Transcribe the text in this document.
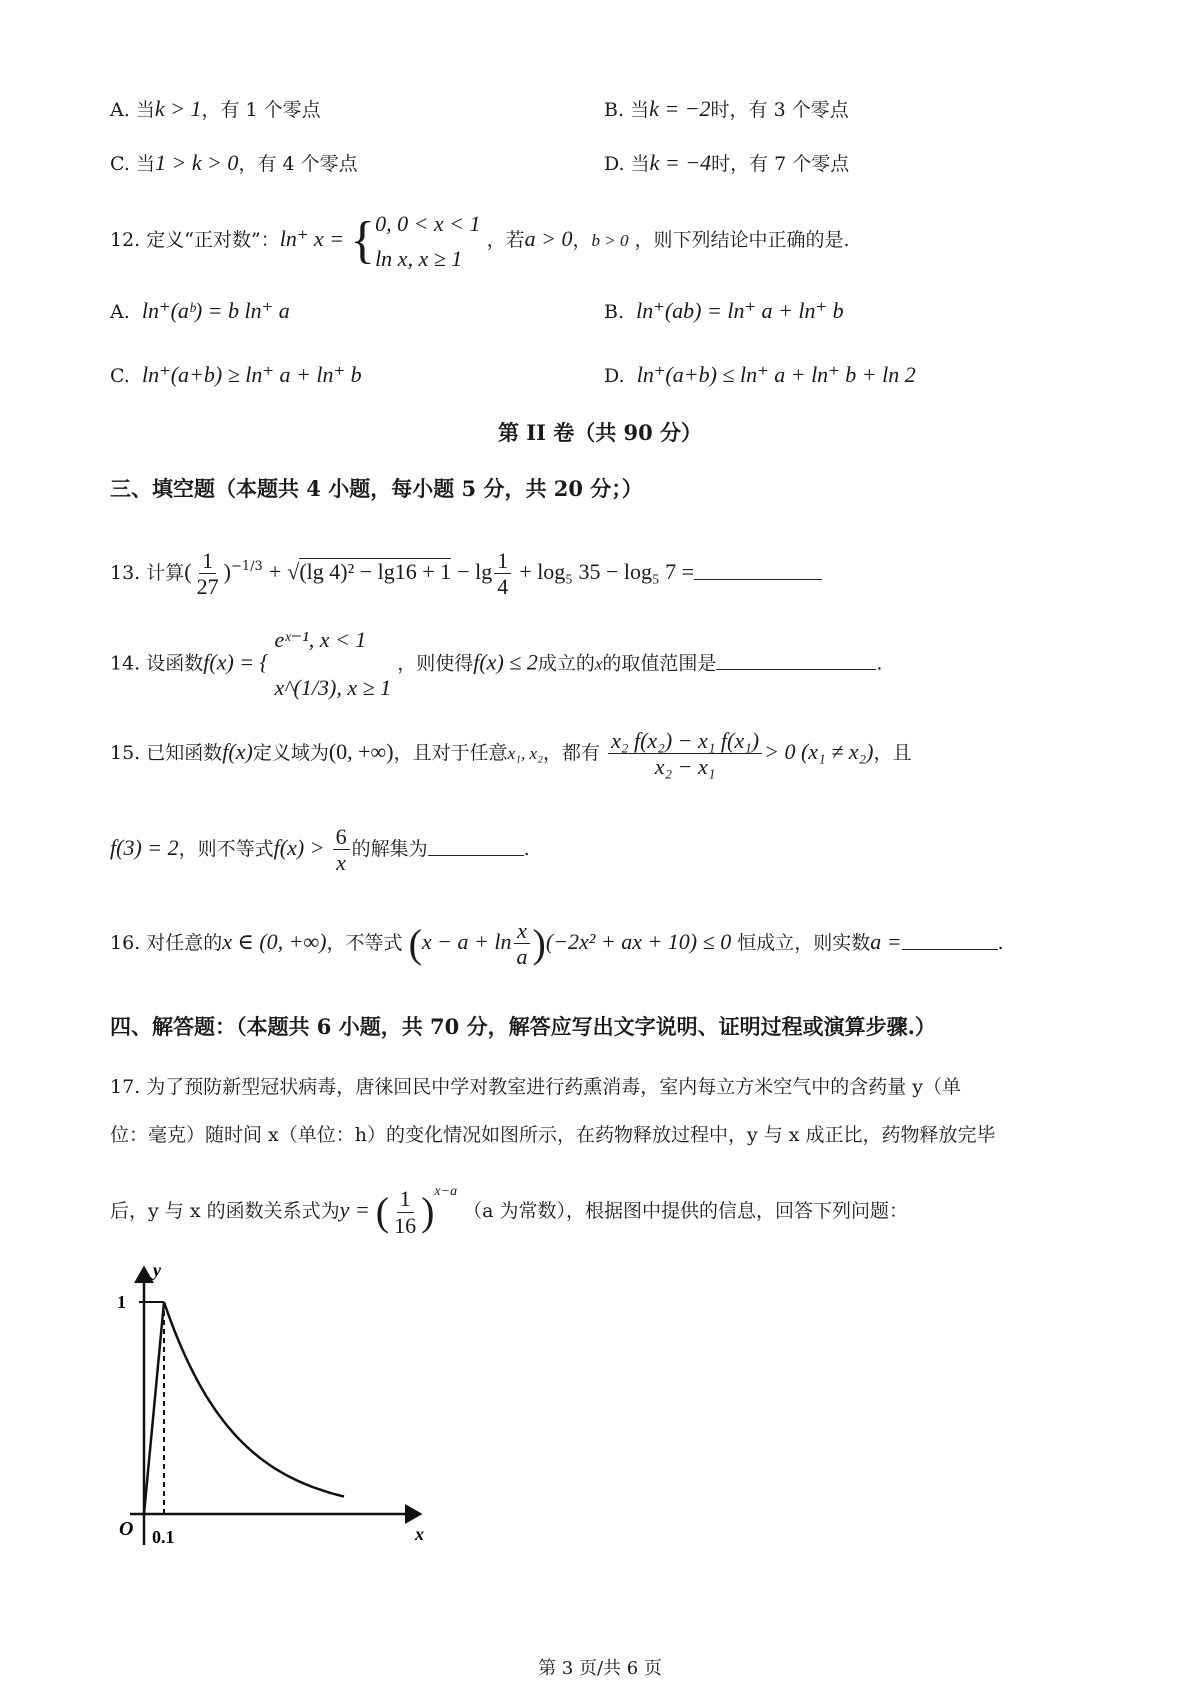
A. 当k > 1，有 1 个零点	B. 当k = −2时，有 3 个零点
C. 当1 > k > 0，有 4 个零点	D. 当k = −4时，有 7 个零点
12. 定义“正对数”：ln⁺ x = { 0, 0 < x < 1
ln x, x ≥ 1
，若a > 0，b > 0 ，则下列结论中正确的是.
A. ln⁺(aᵇ) = b ln⁺ a	B. ln⁺(ab) = ln⁺ a + ln⁺ b
C. ln⁺(a+b) ≥ ln⁺ a + ln⁺ b	D. ln⁺(a+b) ≤ ln⁺ a + ln⁺ b + ln 2
第 II 卷（共 90 分）
三、填空题（本题共 4 小题，每小题 5 分，共 20 分；）
13. 计算( $\frac{1}{27} )^{-1/3} + √(\lg$ $4)^2 - \lg 16 + 1 - \lg \frac{1}{4} + \log_5$ 35 − log₅ 7 =
14. 设函数f(x) = {
eˣ⁻¹, x < 1
x^(1/3), x ≥ 1
，则使得f(x) ≤ 2成立的x的取值范围是	.
15. 已知函数f(x)定义域为(0, +∞)，且对于任意x₁, x₂，都有 $\frac{\text{x₂ f(x₂) − x₁ f(x₁)}}{\text{x₂ − x₁}} > 0$ (x₁ ≠ x₂)，且
f(3) = 2，则不等式$f(x) > \frac{6}{x}$ 的解集为	.
16. 对任意的x ∈ (0, +∞)，不等式 $(x - a + \ln \frac{x}{a} )(-2x^2$ + ax + 10) ≤ 0 恒成立，则实数a =	.
四、解答题：（本题共 6 小题，共 70 分，解答应写出文字说明、证明过程或演算步骤.）
17. 为了预防新型冠状病毒，唐徕回民中学对教室进行药熏消毒，室内每立方米空气中的含药量 y（单
位：毫克）随时间 x（单位：h）的变化情况如图所示，在药物释放过程中，y 与 x 成正比，药物释放完毕
后，y 与 x 的函数关系式为y = ( $\frac{1}{16} )^{x-a}$ （a 为常数），根据图中提供的信息，回答下列问题：
y
x
O
1
0.1
第 3 页/共 6 页
